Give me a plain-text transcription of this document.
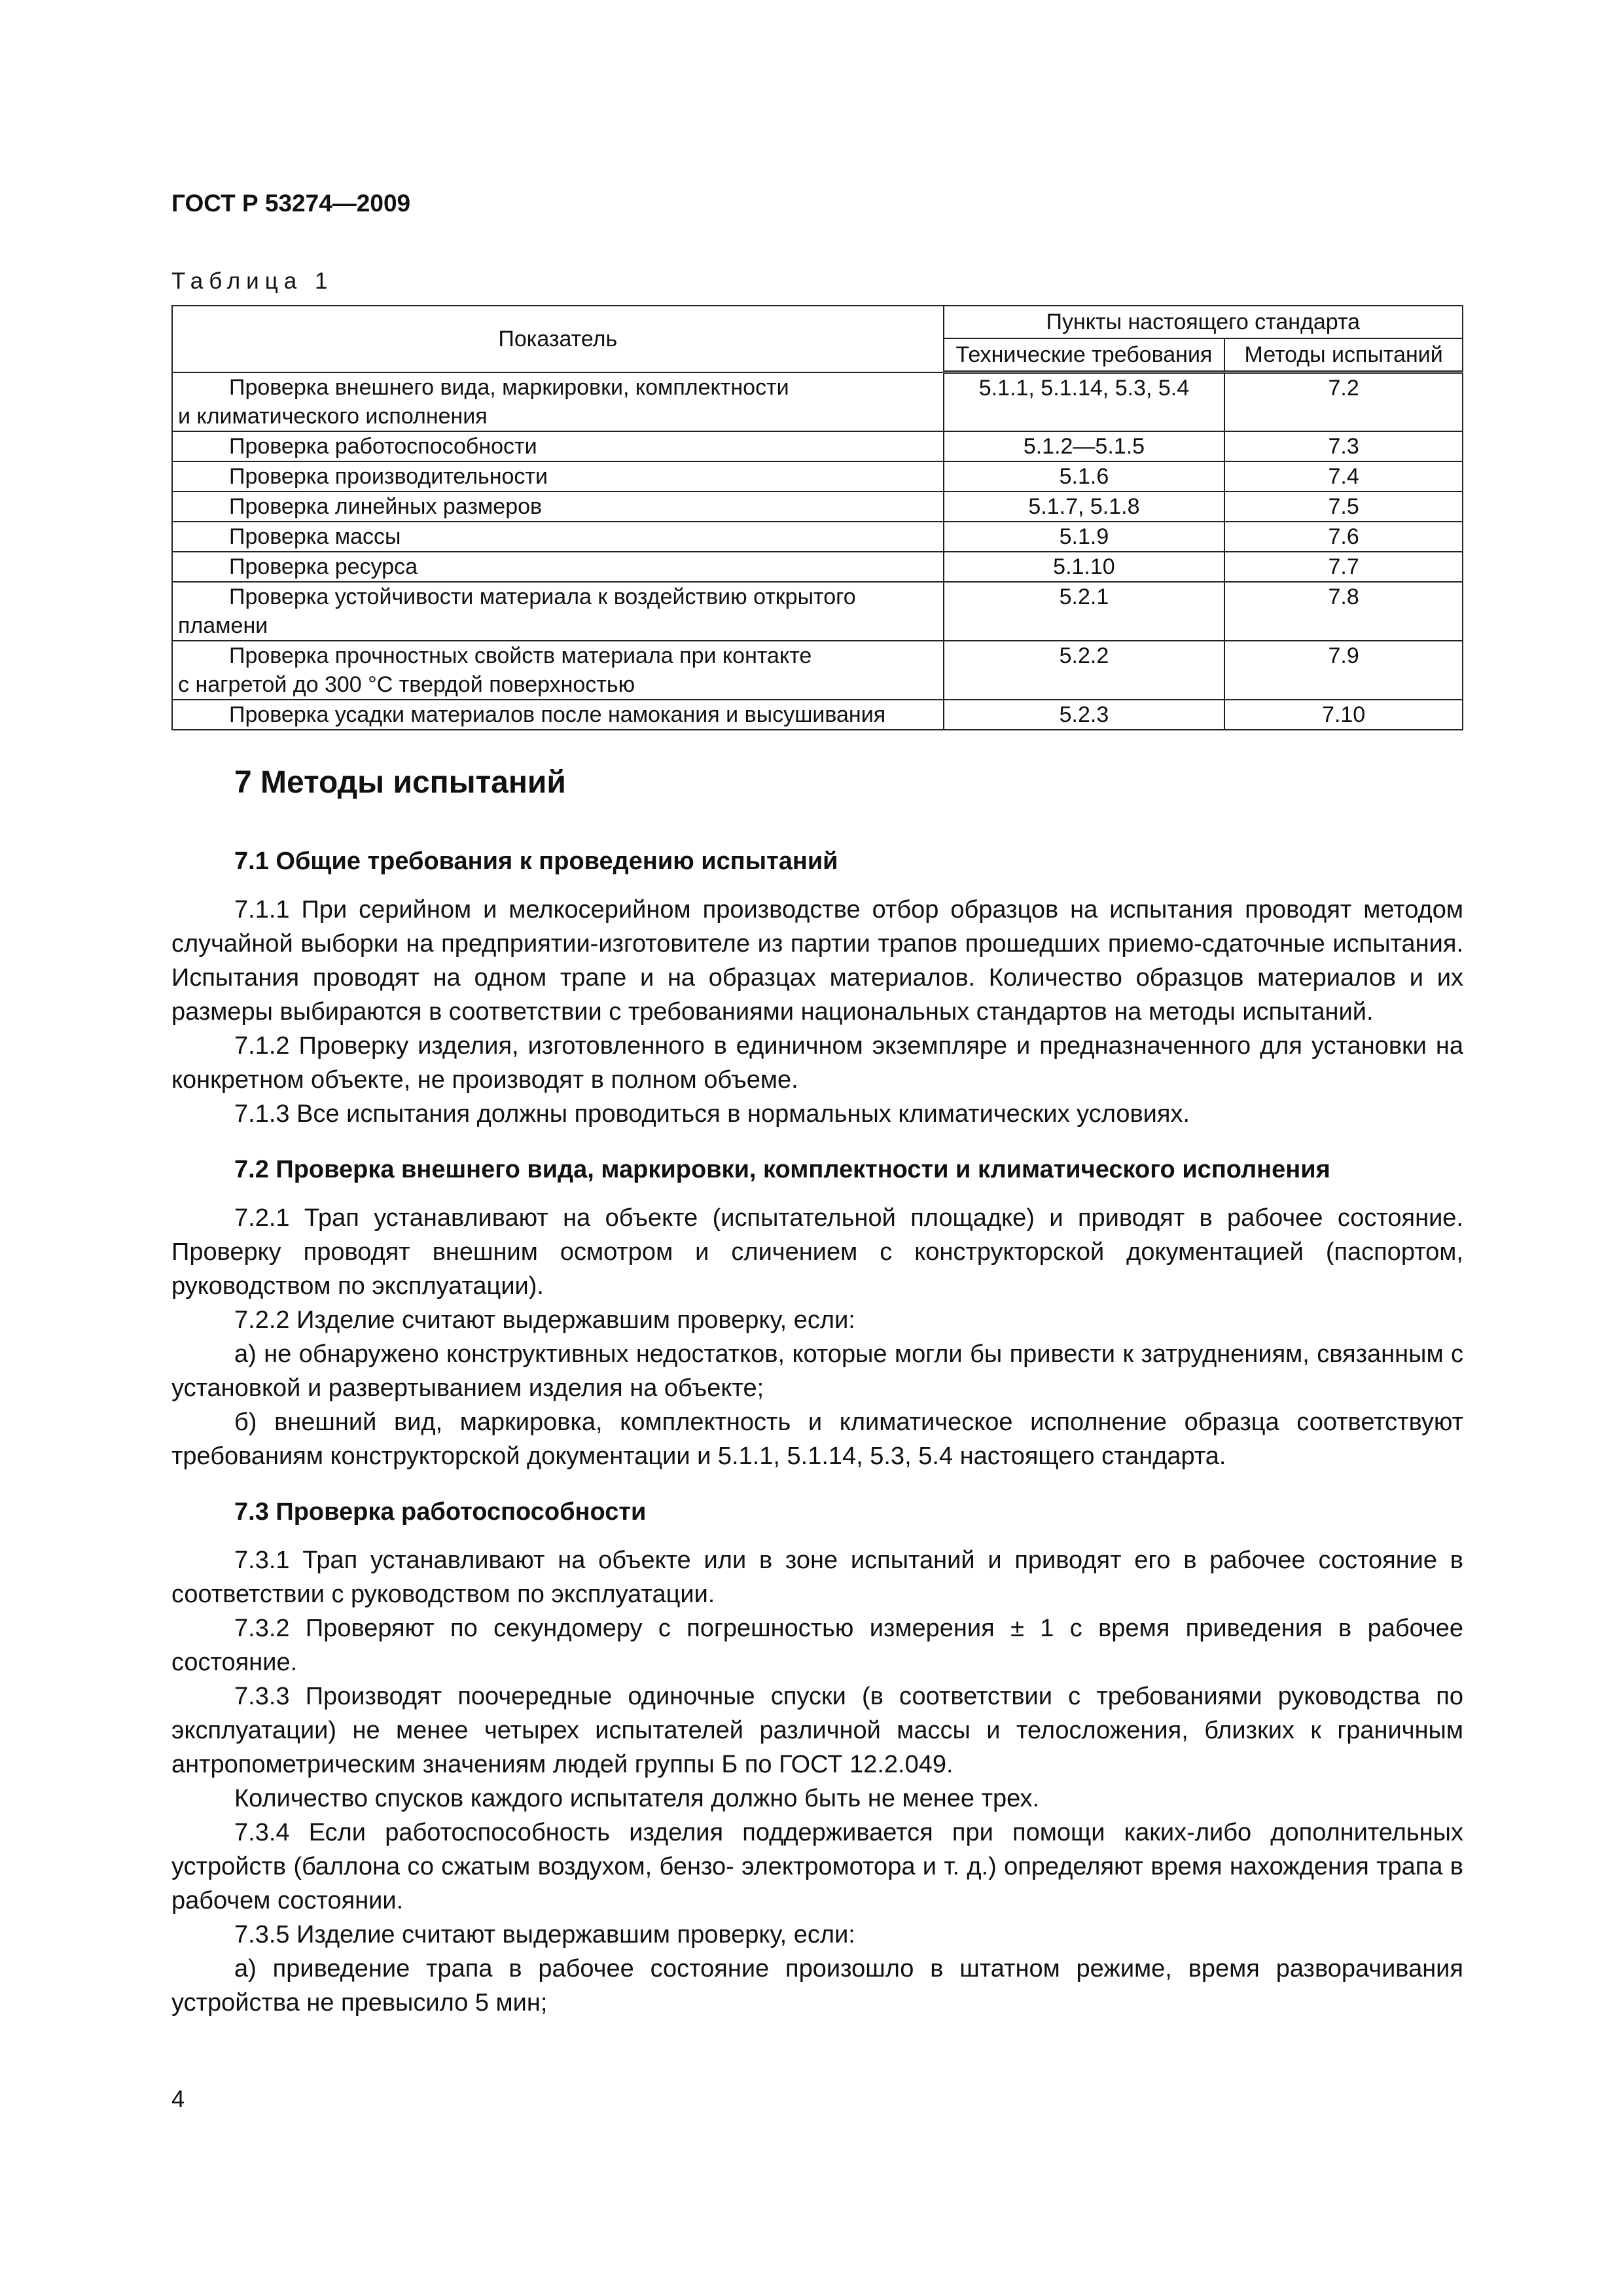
ГОСТ Р 53274—2009
Таблица 1
Показатель	Пункты настоящего стандарта	
	Технические требования	Методы испытаний

Проверка внешнего вида, маркировки, комплектности
и климатического исполнения	5.1.1, 5.1.14, 5.3, 5.4	7.2

Проверка работоспособности	5.1.2—5.1.5	7.3

Проверка производительности	5.1.6	7.4

Проверка линейных размеров	5.1.7, 5.1.8	7.5

Проверка массы	5.1.9	7.6

Проверка ресурса	5.1.10	7.7

Проверка устойчивости материала к воздействию открытого
пламени	5.2.1	7.8

Проверка прочностных свойств материала при контакте
с нагретой до 300 °С твердой поверхностью	5.2.2	7.9

Проверка усадки материалов после намокания и высушивания	5.2.3	7.10
7 Методы испытаний
7.1 Общие требования к проведению испытаний

7.1.1 При серийном и мелкосерийном производстве отбор образцов на испытания проводят методом случайной выборки на предприятии-изготовителе из партии трапов прошедших приемо-сдаточные испытания. Испытания проводят на одном трапе и на образцах материалов. Количество образцов материалов и их размеры выбираются в соответствии с требованиями национальных стандартов на методы испытаний.

7.1.2 Проверку изделия, изготовленного в единичном экземпляре и предназначенного для установки на конкретном объекте, не производят в полном объеме.

7.1.3 Все испытания должны проводиться в нормальных климатических условиях.

7.2 Проверка внешнего вида, маркировки, комплектности и климатического исполнения

7.2.1 Трап устанавливают на объекте (испытательной площадке) и приводят в рабочее состояние. Проверку проводят внешним осмотром и сличением с конструкторской документацией (паспортом, руководством по эксплуатации).

7.2.2 Изделие считают выдержавшим проверку, если:

а) не обнаружено конструктивных недостатков, которые могли бы привести к затруднениям, связанным с установкой и развертыванием изделия на объекте;

б) внешний вид, маркировка, комплектность и климатическое исполнение образца соответствуют требованиям конструкторской документации и 5.1.1, 5.1.14, 5.3, 5.4 настоящего стандарта.

7.3 Проверка работоспособности

7.3.1 Трап устанавливают на объекте или в зоне испытаний и приводят его в рабочее состояние в соответствии с руководством по эксплуатации.

7.3.2 Проверяют по секундомеру с погрешностью измерения ± 1 с время приведения в рабочее состояние.

7.3.3 Производят поочередные одиночные спуски (в соответствии с требованиями руководства по эксплуатации) не менее четырех испытателей различной массы и телосложения, близких к граничным антропометрическим значениям людей группы Б по ГОСТ 12.2.049.

Количество спусков каждого испытателя должно быть не менее трех.

7.3.4 Если работоспособность изделия поддерживается при помощи каких-либо дополнительных устройств (баллона со сжатым воздухом, бензо- электромотора и т. д.) определяют время нахождения трапа в рабочем состоянии.

7.3.5 Изделие считают выдержавшим проверку, если:

а) приведение трапа в рабочее состояние произошло в штатном режиме, время разворачивания устройства не превысило 5 мин;

4
